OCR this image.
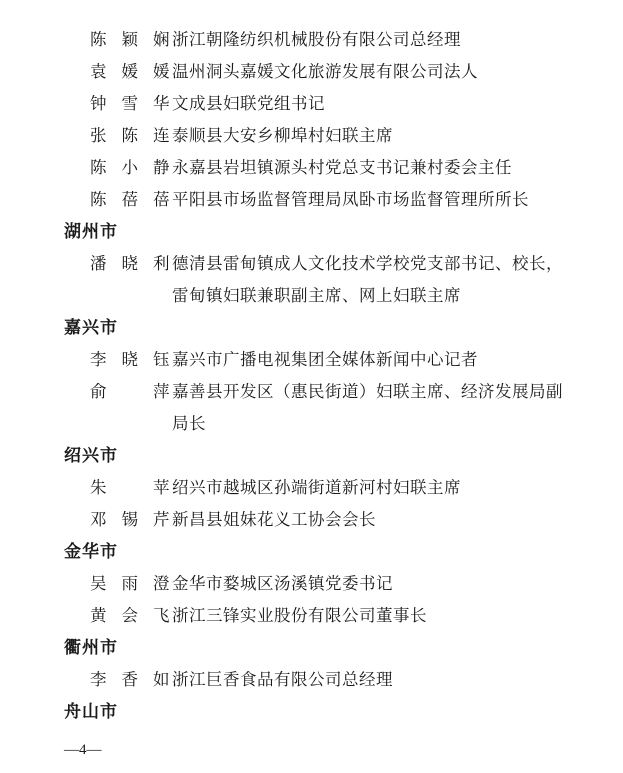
陈颖娴 浙江朝隆纺织机械股份有限公司总经理
袁媛媛 温州洞头嘉媛文化旅游发展有限公司法人
钟雪华 文成县妇联党组书记
张陈连 泰顺县大安乡柳埠村妇联主席
陈小静 永嘉县岩坦镇源头村党总支书记兼村委会主任
陈蓓蓓 平阳县市场监督管理局凤卧市场监督管理所所长
湖州市
潘晓利 德清县雷甸镇成人文化技术学校党支部书记、校长，雷甸镇妇联兼职副主席、网上妇联主席
嘉兴市
李晓钰 嘉兴市广播电视集团全媒体新闻中心记者
俞　萍 嘉善县开发区（惠民街道）妇联主席、经济发展局副局长
绍兴市
朱　苹 绍兴市越城区孙端街道新河村妇联主席
邓锡芹 新昌县姐妹花义工协会会长
金华市
吴雨澄 金华市婺城区汤溪镇党委书记
黄会飞 浙江三锋实业股份有限公司董事长
衢州市
李香如 浙江巨香食品有限公司总经理
舟山市
—4—
